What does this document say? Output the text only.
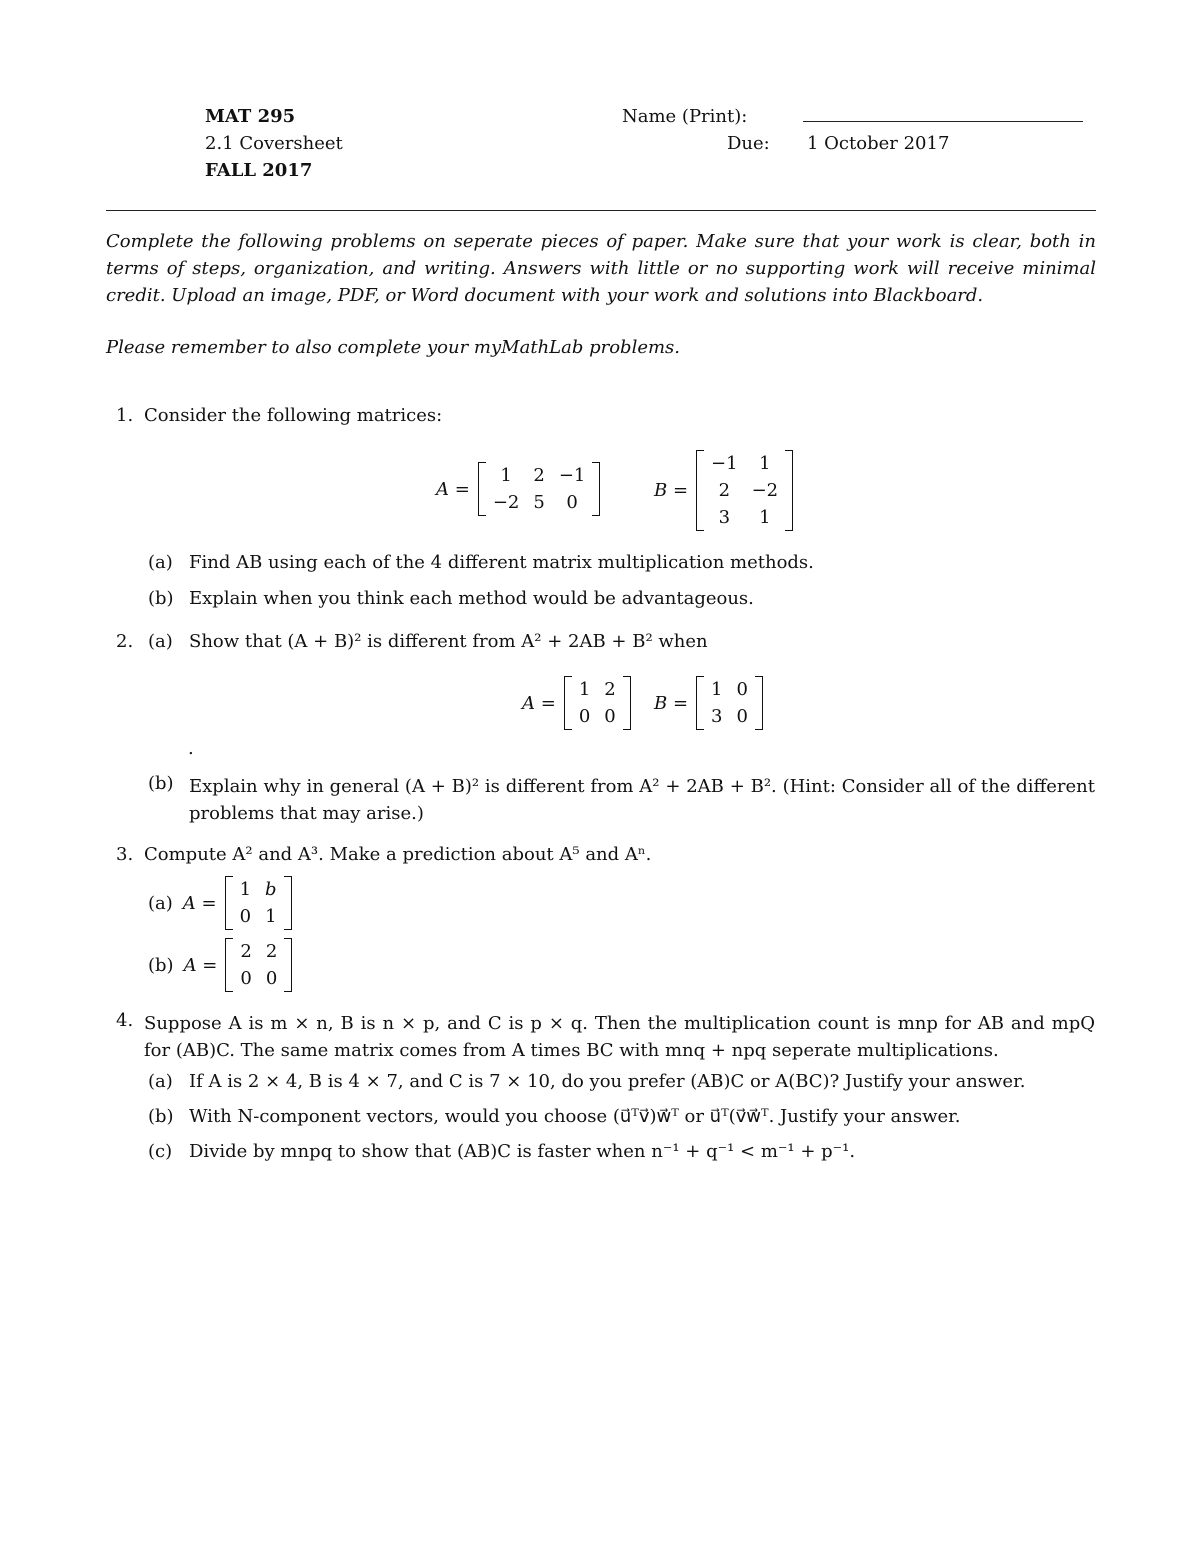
MAT 295
2.1 Coversheet
FALL 2017
Name (Print):
Due: 1 October 2017
Complete the following problems on seperate pieces of paper. Make sure that your work is clear, both in terms of steps, organization, and writing. Answers with little or no supporting work will receive minimal credit. Upload an image, PDF, or Word document with your work and solutions into Blackboard.
Please remember to also complete your myMathLab problems.
1. Consider the following matrices:
A =
1	2	−1
−2	5	0
B =
−1	1
2	−2
3	1
(a) Find AB using each of the 4 different matrix multiplication methods.
(b) Explain when you think each method would be advantageous.
2. (a) Show that (A + B)² is different from A² + 2AB + B² when
A =
1	2
0	0
B =
1	0
3	0
.
(b) Explain why in general (A + B)² is different from A² + 2AB + B². (Hint: Consider all of the different problems that may arise.)
3. Compute A² and A³. Make a prediction about A⁵ and Aⁿ.
(a) A =
1	b
0	1
(b) A =
2	2
0	0
4. Suppose A is m × n, B is n × p, and C is p × q. Then the multiplication count is mnp for AB and mpQ for (AB)C. The same matrix comes from A times BC with mnq + npq seperate multiplications.
(a) If A is 2 × 4, B is 4 × 7, and C is 7 × 10, do you prefer (AB)C or A(BC)? Justify your answer.
(b) With N-component vectors, would you choose (u⃗ᵀv⃗)w⃗ᵀ or u⃗ᵀ(v⃗w⃗ᵀ. Justify your answer.
(c) Divide by mnpq to show that (AB)C is faster when n⁻¹ + q⁻¹ < m⁻¹ + p⁻¹.
